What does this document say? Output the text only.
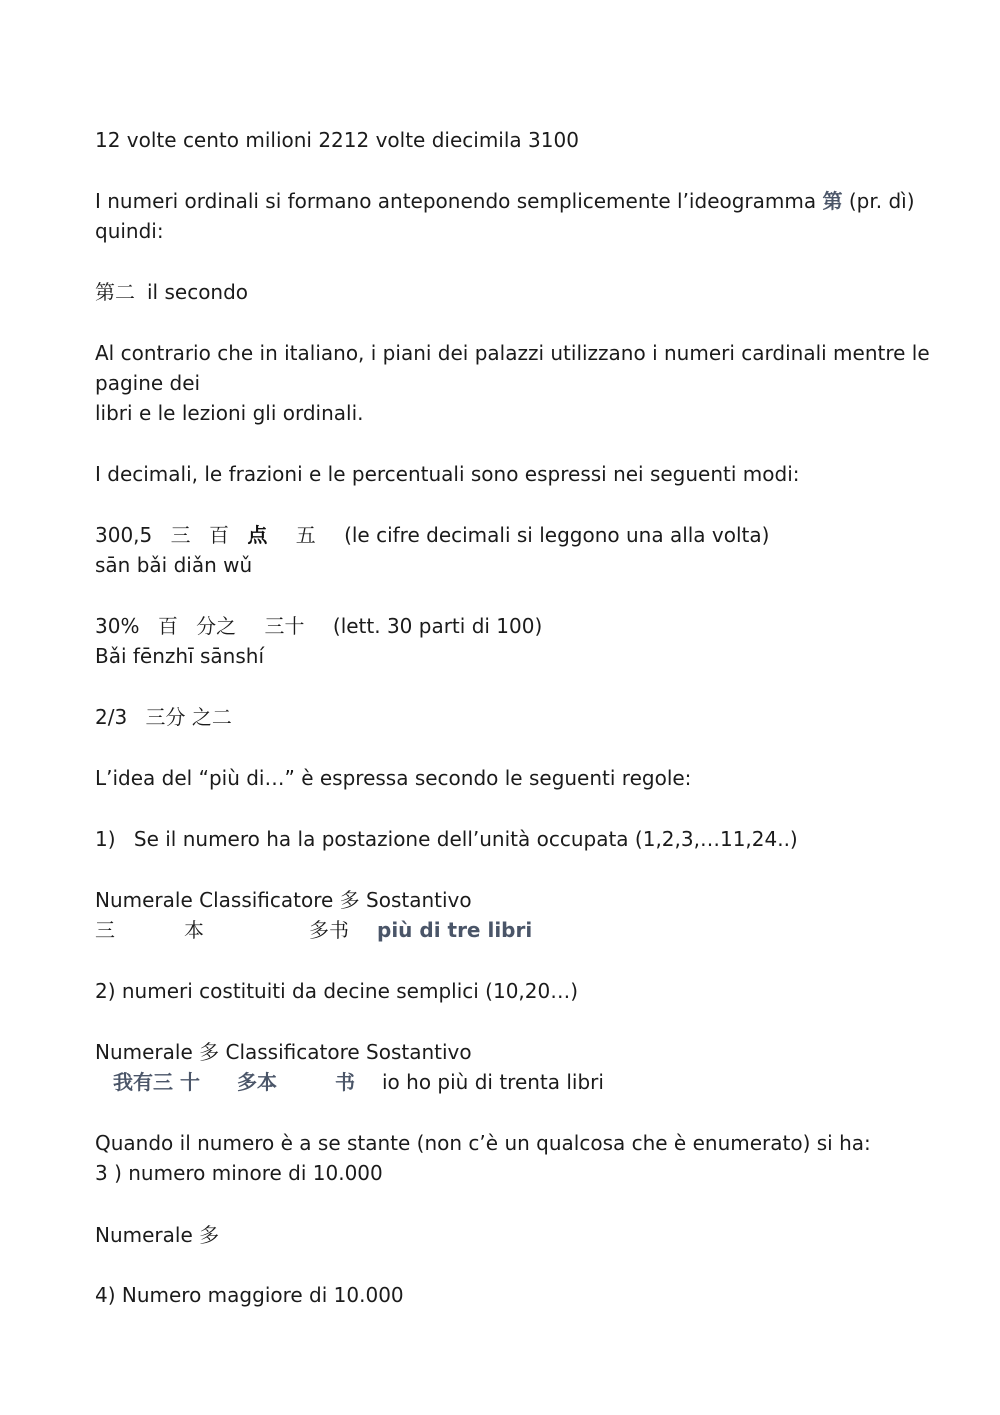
12 volte cento milioni 2212 volte diecimila 3100
I numeri ordinali si formano anteponendo semplicemente l’ideogramma 第 (pr. dì)
quindi:
第二 il secondo
Al contrario che in italiano, i piani dei palazzi utilizzano i numeri cardinali mentre le
pagine dei
libri e le lezioni gli ordinali.
I decimali, le frazioni e le percentuali sono espressi nei seguenti modi:
300,5 三 百 点 五 (le cifre decimali si leggono una alla volta)
sān bǎi diǎn wǔ
30% 百 分之 三十 (lett. 30 parti di 100)
Bǎi fēnzhī sānshí
2/3 三分 之二
L’idea del “più di…” è espressa secondo le seguenti regole:
1) Se il numero ha la postazione dell’unità occupata (1,2,3,…11,24..)
Numerale Classificatore 多 Sostantivo
三	本	多书 più di tre libri
2) numeri costituiti da decine semplici (10,20…)
Numerale 多 Classificatore Sostantivo
我有三 十 多本	书 io ho più di trenta libri
Quando il numero è a se stante (non c’è un qualcosa che è enumerato) si ha:
3 ) numero minore di 10.000
Numerale 多
4) Numero maggiore di 10.000
